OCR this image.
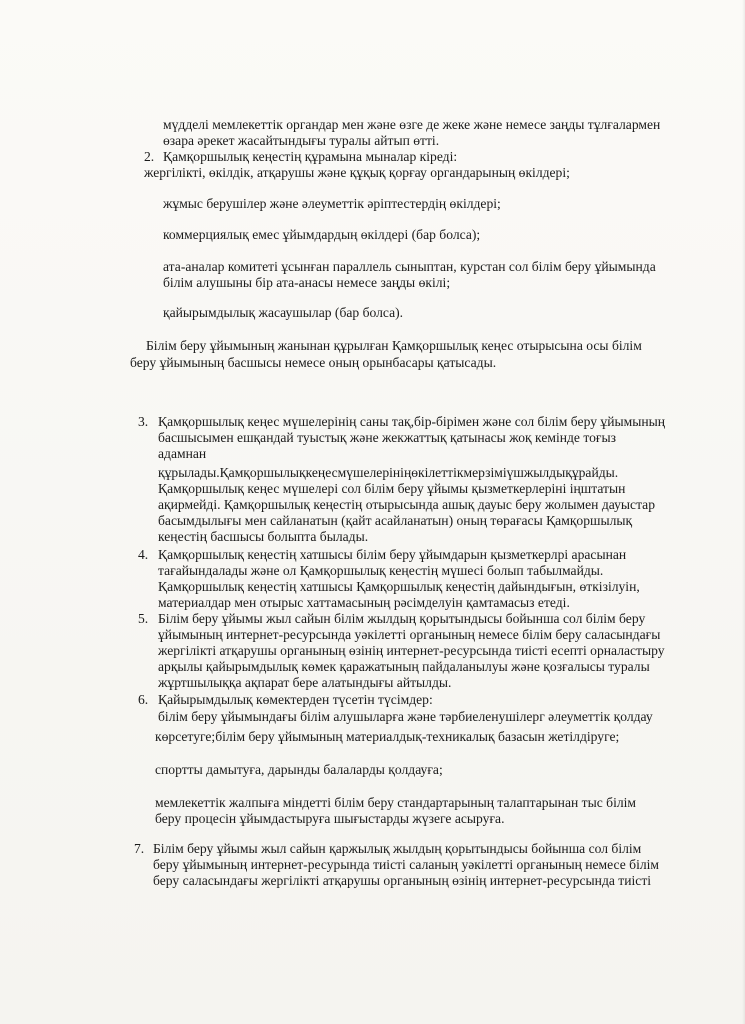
мүдделі мемлекеттік органдар мен және өзге де жеке және немесе заңды тұлғалармен
өзара әрекет жасайтындығы туралы айтып өтті.
2. Қамқоршылық кеңестің құрамына мыналар кіреді:
жергілікті, өкілдік, атқарушы және құқық қорғау органдарының өкілдері;
жұмыс берушілер және әлеуметтік әріптестердің өкілдері;
коммерциялық емес ұйымдардың өкілдері (бар болса);
ата-аналар комитеті ұсынған параллель сыныптан, курстан сол білім беру ұйымында
білім алушыны бір ата-анасы немесе заңды өкілі;
қайырымдылық жасаушылар (бар болса).
Білім беру ұйымының жанынан құрылған Қамқоршылық кеңес отырысына осы білім
беру ұйымының басшысы немесе оның орынбасары қатысады.
3. Қамқоршылық кеңес мүшелерінің саны тақ,бір-бірімен және сол білім беру ұйымының
басшысымен ешқандай туыстық және жекжаттық қатынасы жоқ кемінде тоғыз
адамнан
құрылады.Қамқоршылықкеңесмүшелерініңөкілеттікмерзіміүшжылдықұрайды.
Қамқоршылық кеңес мүшелері сол білім беру ұйымы қызметкерлеріні іңштатын
ақирмейді. Қамқоршылық кеңестің отырысында ашық дауыс беру жолымен дауыстар
басымдылығы мен сайланатын (қайт асайланатын) оның төрағасы Қамқоршылық
кеңестің басшысы болыпта былады.
4. Қамқоршылық кеңестің хатшысы білім беру ұйымдарын қызметкерлрі арасынан
тағайындалады және ол Қамқоршылық кеңестің мүшесі болып табылмайды.
Қамқоршылық кеңестің хатшысы Қамқоршылық кеңестің дайындығын, өткізілуін,
материалдар мен отырыс хаттамасының рәсімделуін қамтамасыз етеді.
5. Білім беру ұйымы жыл сайын білім жылдың қорытындысы бойынша сол білім беру
ұйымының интернет-ресурсында уәкілетті органының немесе білім беру саласындағы
жергілікті атқарушы органының өзінің интернет-ресурсында тиісті есепті орналастыру
арқылы қайырымдылық көмек қаражатының пайдаланылуы және қозғалысы туралы
жұртшылыққа ақпарат бере алатындығы айтылды.
6. Қайырымдылық көмектерден түсетін түсімдер:
білім беру ұйымындағы білім алушыларға және тәрбиеленушілерг әлеуметтік қолдау
көрсетуге;білім беру ұйымының материалдық-техникалық базасын жетілдіруге;
спортты дамытуға, дарынды балаларды қолдауға;
мемлекеттік жалпыға міндетті білім беру стандартарының талаптарынан тыс білім
беру процесін ұйымдастыруға шығыстарды жүзеге асыруға.
7. Білім беру ұйымы жыл сайын қаржылық жылдың қорытындысы бойынша сол білім
беру ұйымының интернет-ресурында тиісті саланың уәкілетті органының немесе білім
беру саласындағы жергілікті атқарушы органының өзінің интернет-ресурсында тиісті
